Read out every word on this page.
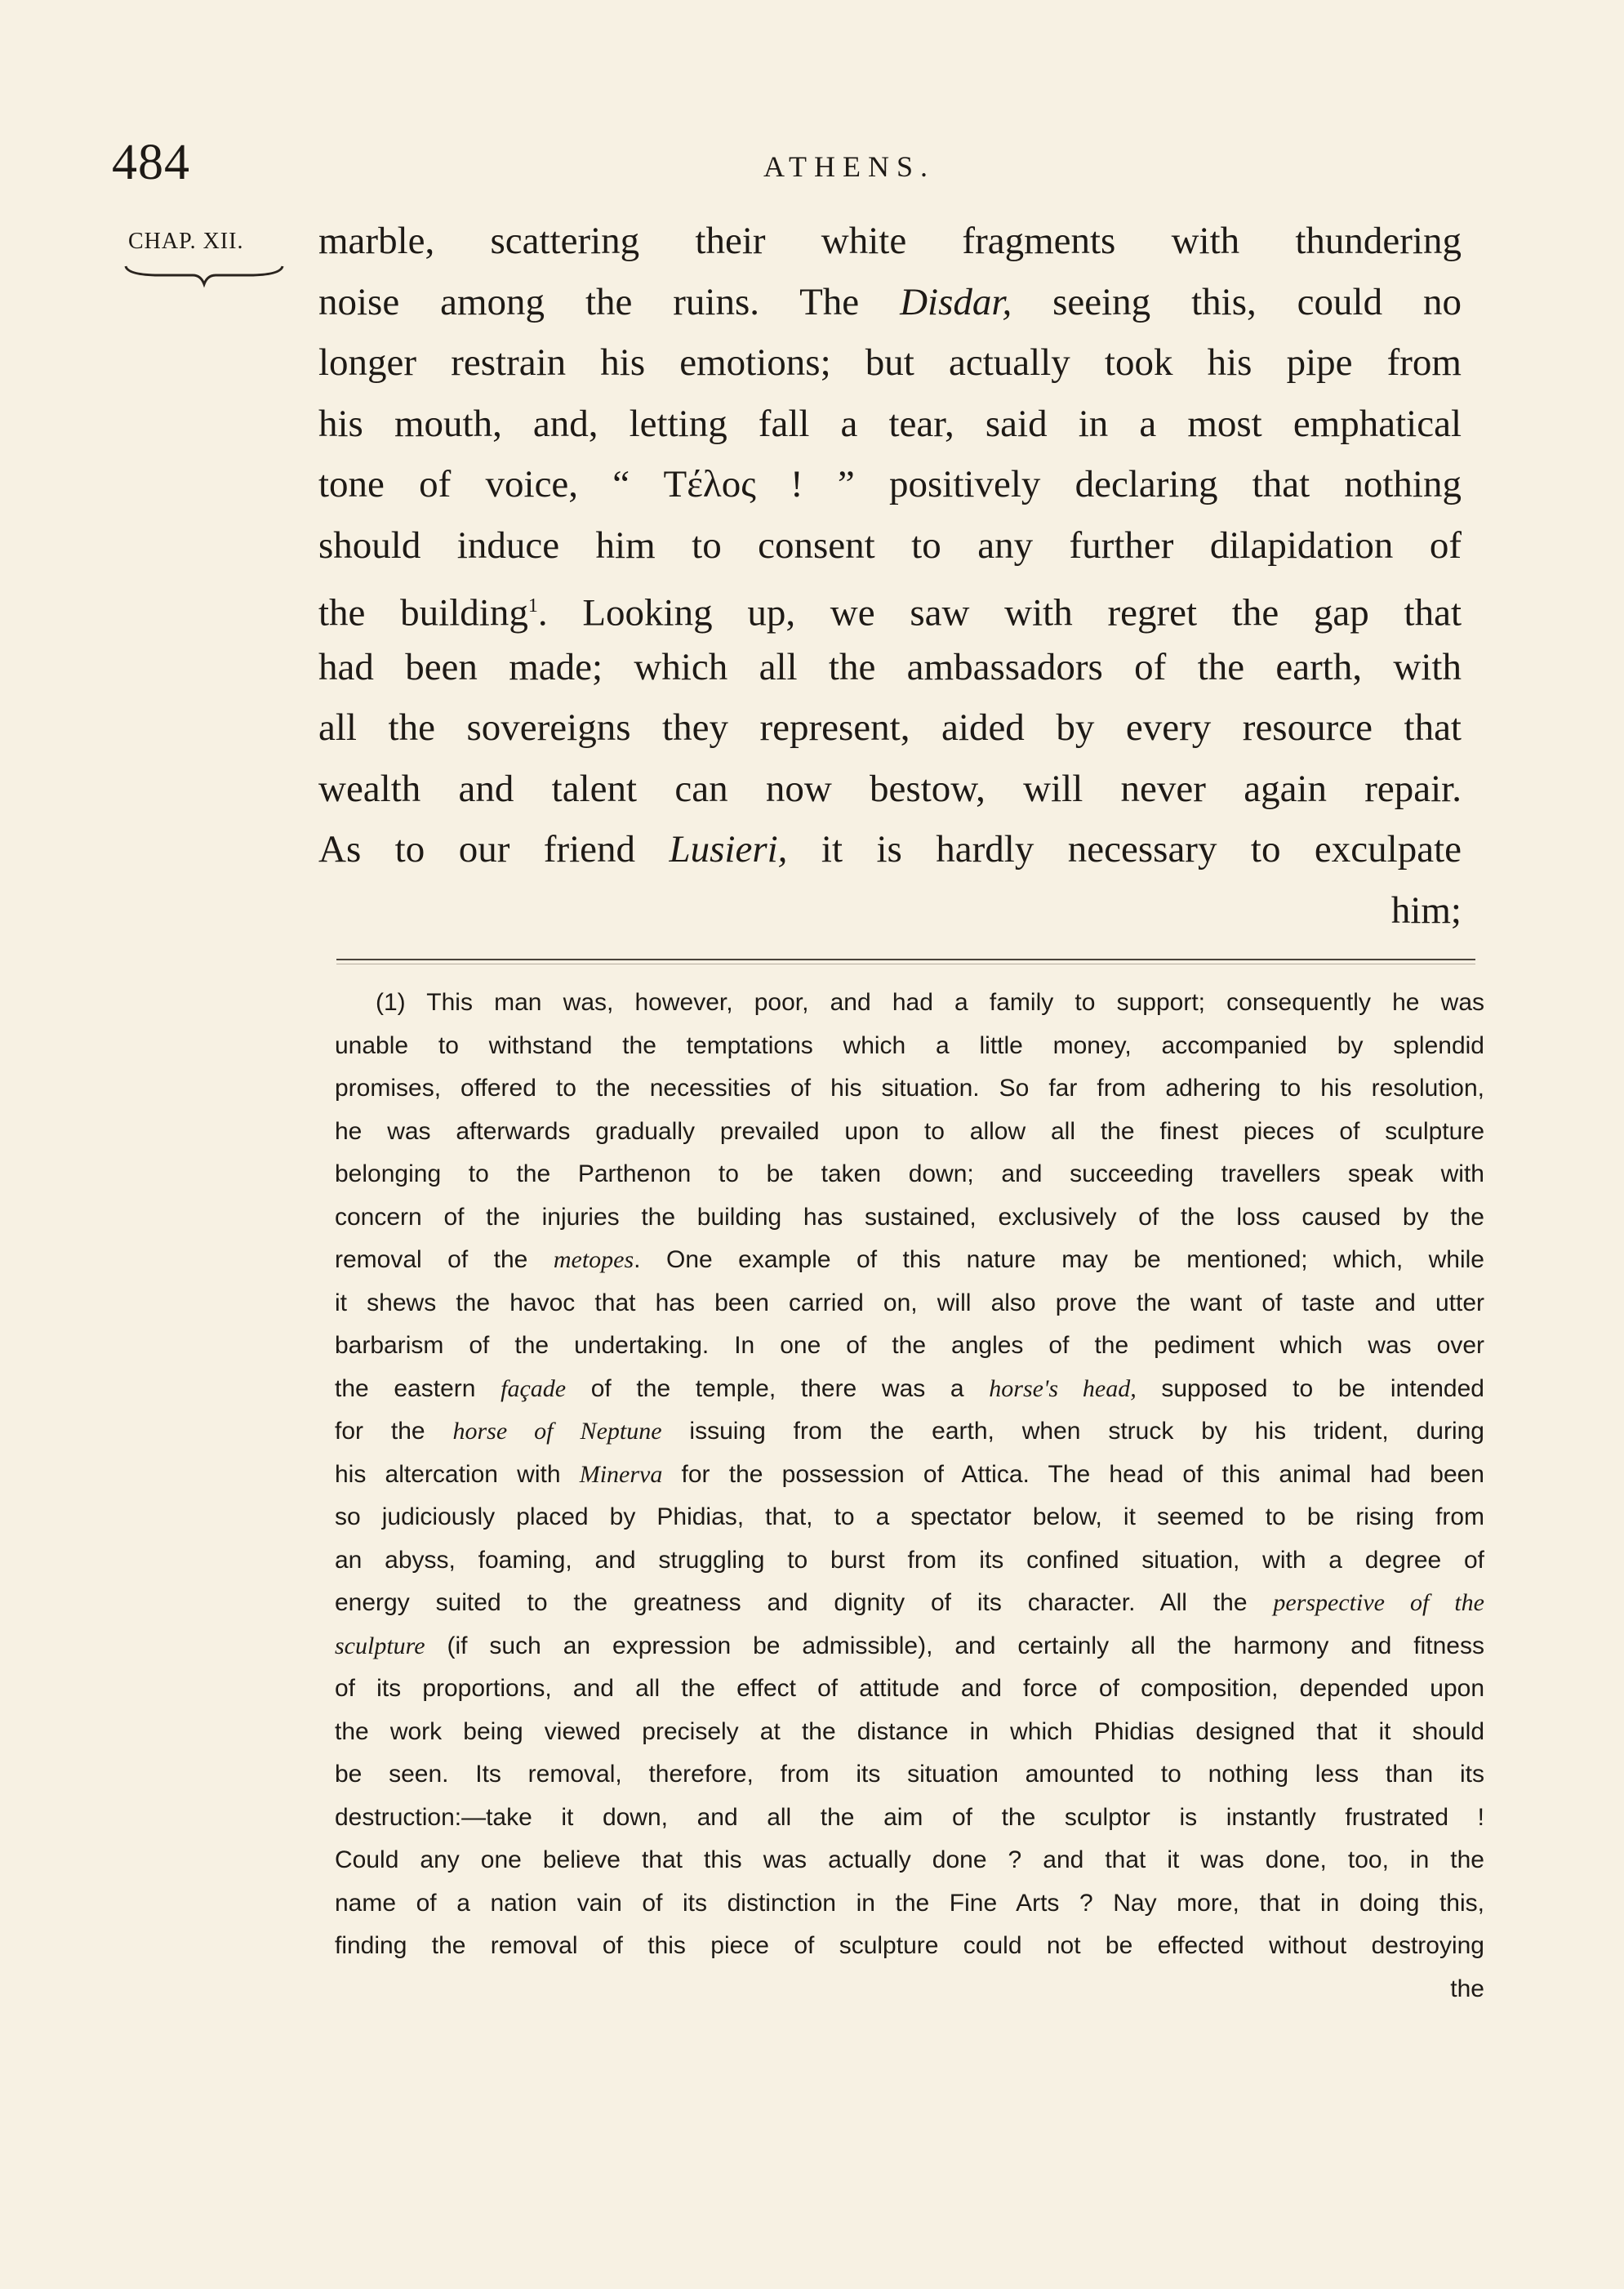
484	ATHENS.
CHAP. XII.	marble, scattering their white fragments with thundering
noise among the ruins. The Disdar, seeing this, could no
longer restrain his emotions; but actually took his pipe from
his mouth, and, letting fall a tear, said in a most emphatical
tone of voice, “ Tέλος ! ” positively declaring that nothing
should induce him to consent to any further dilapidation of
the building$^1$. Looking up, we saw with regret the gap that
had been made; which all the ambassadors of the earth, with
all the sovereigns they represent, aided by every resource that
wealth and talent can now bestow, will never again repair.
As to our friend Lusieri, it is hardly necessary to exculpate
him;
(1) This man was, however, poor, and had a family to support; consequently he was
unable to withstand the temptations which a little money, accompanied by splendid
promises, offered to the necessities of his situation. So far from adhering to his resolution,
he was afterwards gradually prevailed upon to allow all the finest pieces of sculpture
belonging to the Parthenon to be taken down; and succeeding travellers speak with
concern of the injuries the building has sustained, exclusively of the loss caused by the
removal of the metopes. One example of this nature may be mentioned; which, while
it shews the havoc that has been carried on, will also prove the want of taste and utter
barbarism of the undertaking. In one of the angles of the pediment which was over
the eastern façade of the temple, there was a horse's head, supposed to be intended
for the horse of Neptune issuing from the earth, when struck by his trident, during
his altercation with Minerva for the possession of Attica. The head of this animal had been
so judiciously placed by Phidias, that, to a spectator below, it seemed to be rising from
an abyss, foaming, and struggling to burst from its confined situation, with a degree of
energy suited to the greatness and dignity of its character. All the perspective of the
sculpture (if such an expression be admissible), and certainly all the harmony and fitness
of its proportions, and all the effect of attitude and force of composition, depended upon
the work being viewed precisely at the distance in which Phidias designed that it should
be seen. Its removal, therefore, from its situation amounted to nothing less than its
destruction:—take it down, and all the aim of the sculptor is instantly frustrated !
Could any one believe that this was actually done ? and that it was done, too, in the
name of a nation vain of its distinction in the Fine Arts ? Nay more, that in doing this,
finding the removal of this piece of sculpture could not be effected without destroying
the
